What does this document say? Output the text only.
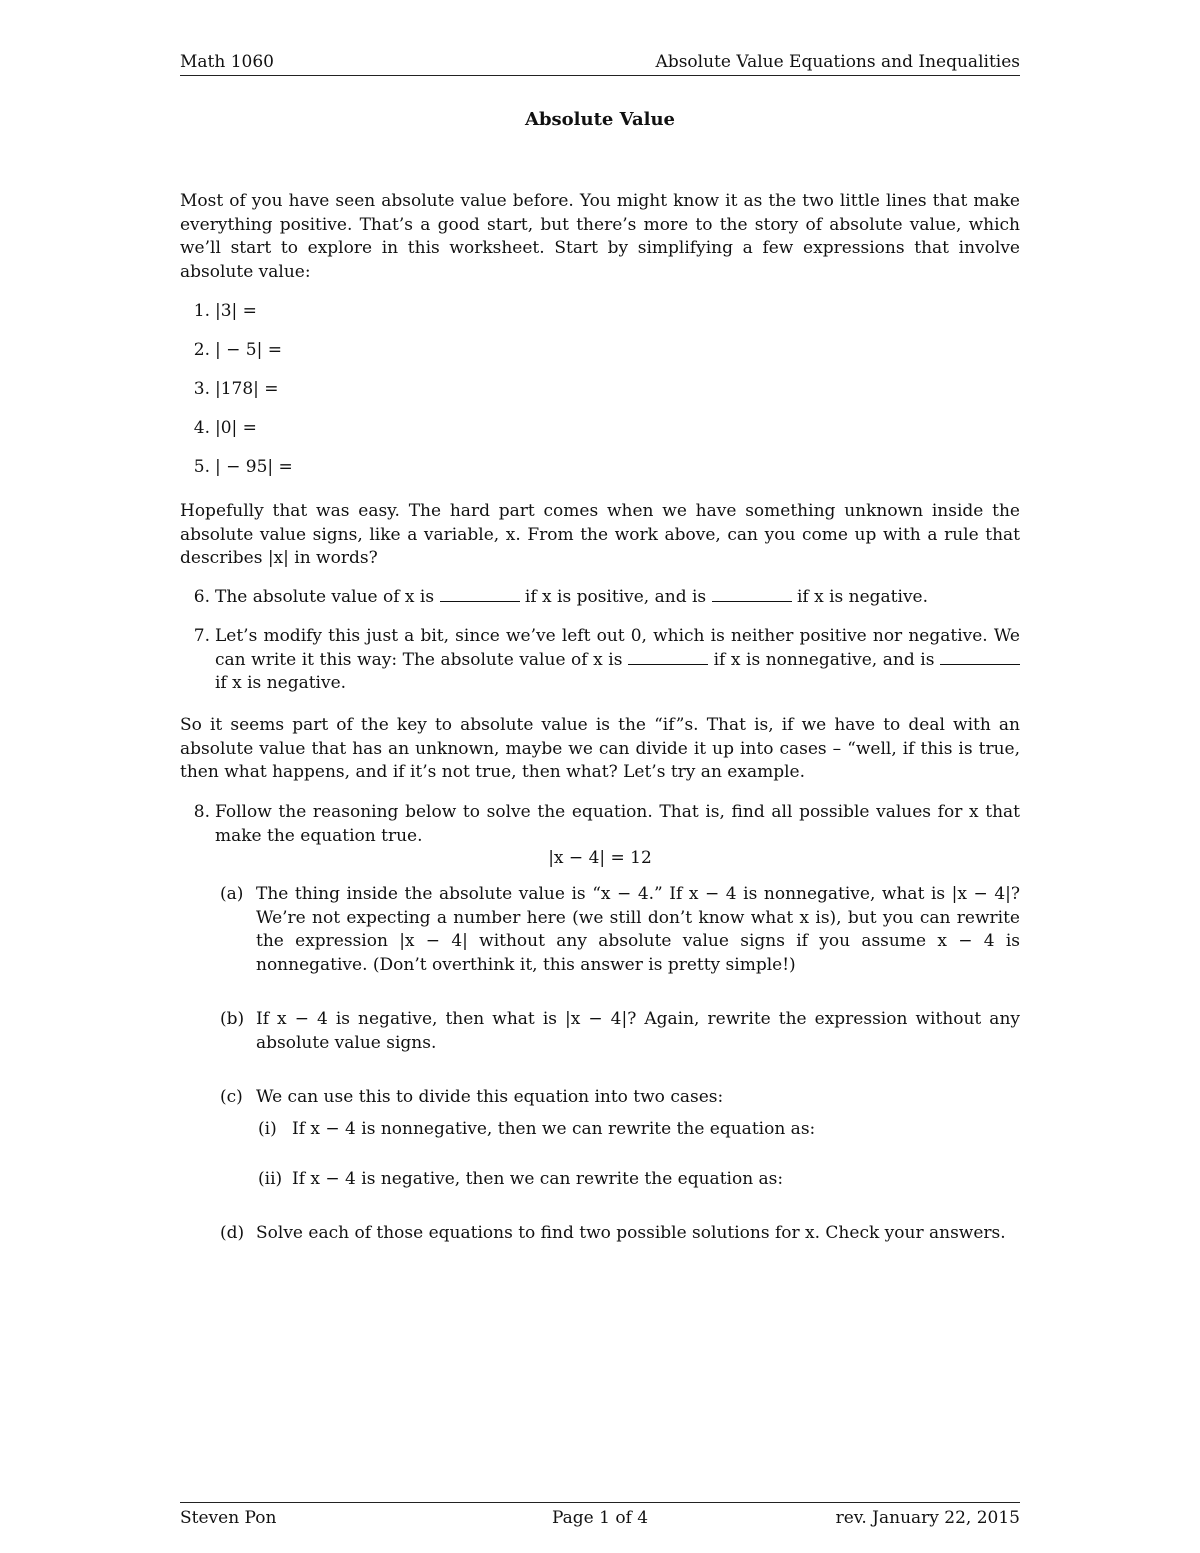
Math 1060	Absolute Value Equations and Inequalities
Absolute Value
Most of you have seen absolute value before. You might know it as the two little lines that make everything positive. That’s a good start, but there’s more to the story of absolute value, which we’ll start to explore in this worksheet. Start by simplifying a few expressions that involve absolute value:
1. |3| =
2. | − 5| =
3. |178| =
4. |0| =
5. | − 95| =
Hopefully that was easy. The hard part comes when we have something unknown inside the absolute value signs, like a variable, x. From the work above, can you come up with a rule that describes |x| in words?
6. The absolute value of x is	if x is positive, and is	if x is negative.
7. Let’s modify this just a bit, since we’ve left out 0, which is neither positive nor negative. We can write it this way: The absolute value of x is	if x is nonnegative, and is  if x is negative.
So it seems part of the key to absolute value is the “if”s. That is, if we have to deal with an absolute value that has an unknown, maybe we can divide it up into cases – “well, if this is true, then what happens, and if it’s not true, then what? Let’s try an example.
8. Follow the reasoning below to solve the equation. That is, find all possible values for x that make the equation true.
|x − 4| = 12
(a) The thing inside the absolute value is “x − 4.” If x − 4 is nonnegative, what is |x − 4|? We’re not expecting a number here (we still don’t know what x is), but you can rewrite the expression |x − 4| without any absolute value signs if you assume x − 4 is nonnegative. (Don’t overthink it, this answer is pretty simple!)
(b) If x − 4 is negative, then what is |x − 4|? Again, rewrite the expression without any absolute value signs.
(c) We can use this to divide this equation into two cases:
(i) If x − 4 is nonnegative, then we can rewrite the equation as:
(ii) If x − 4 is negative, then we can rewrite the equation as:
(d) Solve each of those equations to find two possible solutions for x. Check your answers.
Steven Pon	Page 1 of 4	rev. January 22, 2015
